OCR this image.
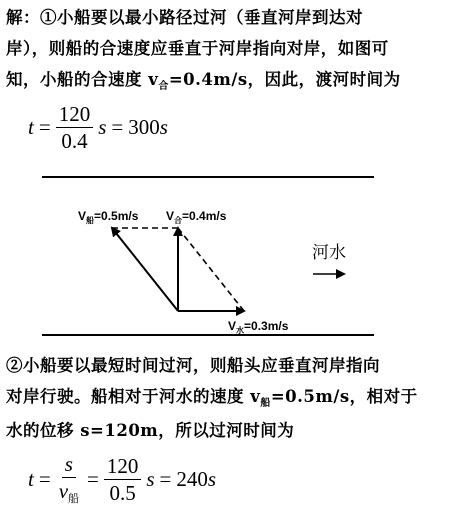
解：①小船要以最小路径过河（垂直河岸到达对

岸），则船的合速度应垂直于河岸指向对岸，如图可

知，小船的合速度 $v_合=0.4m/s$，因此，渡河时间为

$t = \frac{120}{0.4}$ s = 300s
$V_船=0.5m/s$ $V_合=0.4m/s$
$V_水=0.3m/s$
河水

②小船要以最短时间过河，则船头应垂直河岸指向

对岸行驶。船相对于河水的速度 $v_船=0.5m/s$，相对于

水的位移 s=120m，所以过河时间为

$t = \frac{s}{\text{v船}} = \frac{120}{0.5}$ s = 240s
